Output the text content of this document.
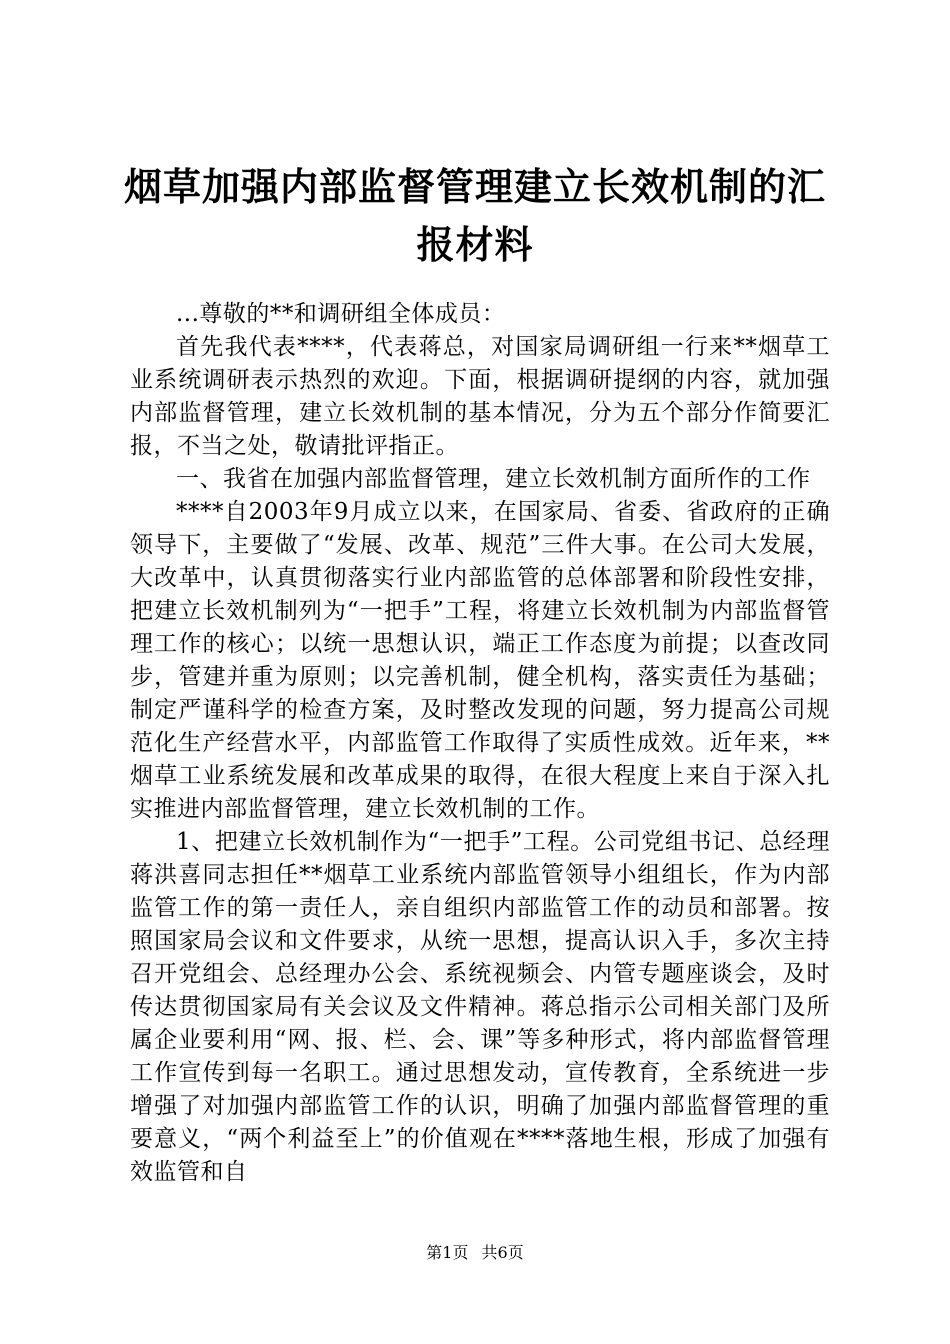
烟草加强内部监督管理建立长效机制的汇报材料

...尊敬的**和调研组全体成员：

首先我代表****，代表蒋总，对国家局调研组一行来**烟草工业系统调研表示热烈的欢迎。下面，根据调研提纲的内容，就加强内部监督管理，建立长效机制的基本情况，分为五个部分作简要汇报，不当之处，敬请批评指正。

一、我省在加强内部监督管理，建立长效机制方面所作的工作

****自2003年9月成立以来，在国家局、省委、省政府的正确领导下，主要做了“发展、改革、规范”三件大事。在公司大发展，大改革中，认真贯彻落实行业内部监管的总体部署和阶段性安排，把建立长效机制列为“一把手”工程，将建立长效机制为内部监督管理工作的核心；以统一思想认识，端正工作态度为前提；以查改同步，管建并重为原则；以完善机制，健全机构，落实责任为基础；制定严谨科学的检查方案，及时整改发现的问题，努力提高公司规范化生产经营水平，内部监管工作取得了实质性成效。近年来，**烟草工业系统发展和改革成果的取得，在很大程度上来自于深入扎实推进内部监督管理，建立长效机制的工作。

1、把建立长效机制作为“一把手”工程。公司党组书记、总经理蒋洪喜同志担任**烟草工业系统内部监管领导小组组长，作为内部监管工作的第一责任人，亲自组织内部监管工作的动员和部署。按照国家局会议和文件要求，从统一思想，提高认识入手，多次主持召开党组会、总经理办公会、系统视频会、内管专题座谈会，及时传达贯彻国家局有关会议及文件精神。蒋总指示公司相关部门及所属企业要利用“网、报、栏、会、课”等多种形式，将内部监督管理工作宣传到每一名职工。通过思想发动，宣传教育，全系统进一步增强了对加强内部监管工作的认识，明确了加强内部监督管理的重要意义，“两个利益至上”的价值观在****落地生根，形成了加强有效监管和自

第1页 共6页
